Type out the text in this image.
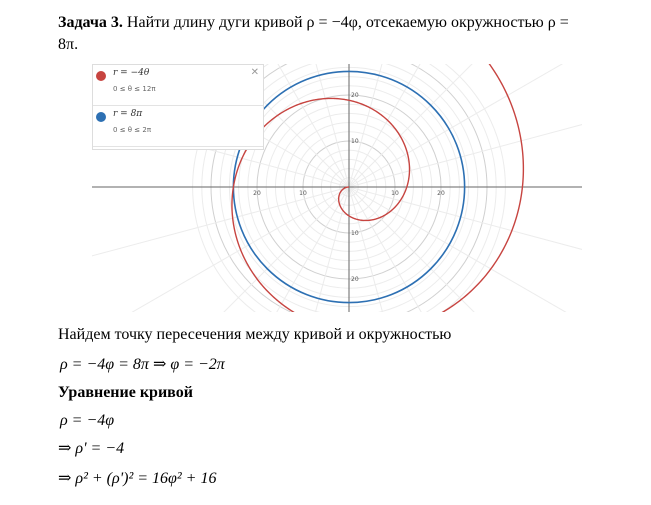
Задача 3. Найти длину дуги кривой ρ = −4φ, отсекаемую окружностью ρ =
8π.
20	10	10	20
20
10
10
20
r = −4θ
0 ≤ θ ≤ 12π
✕
r = 8π
0 ≤ θ ≤ 2π
Найдем точку пересечения между кривой и окружностью
ρ = −4φ = 8π ⇒ φ = −2π
Уравнение кривой
ρ = −4φ
⇒ ρ' = −4
⇒ ρ² + (ρ')² = 16φ² + 16
